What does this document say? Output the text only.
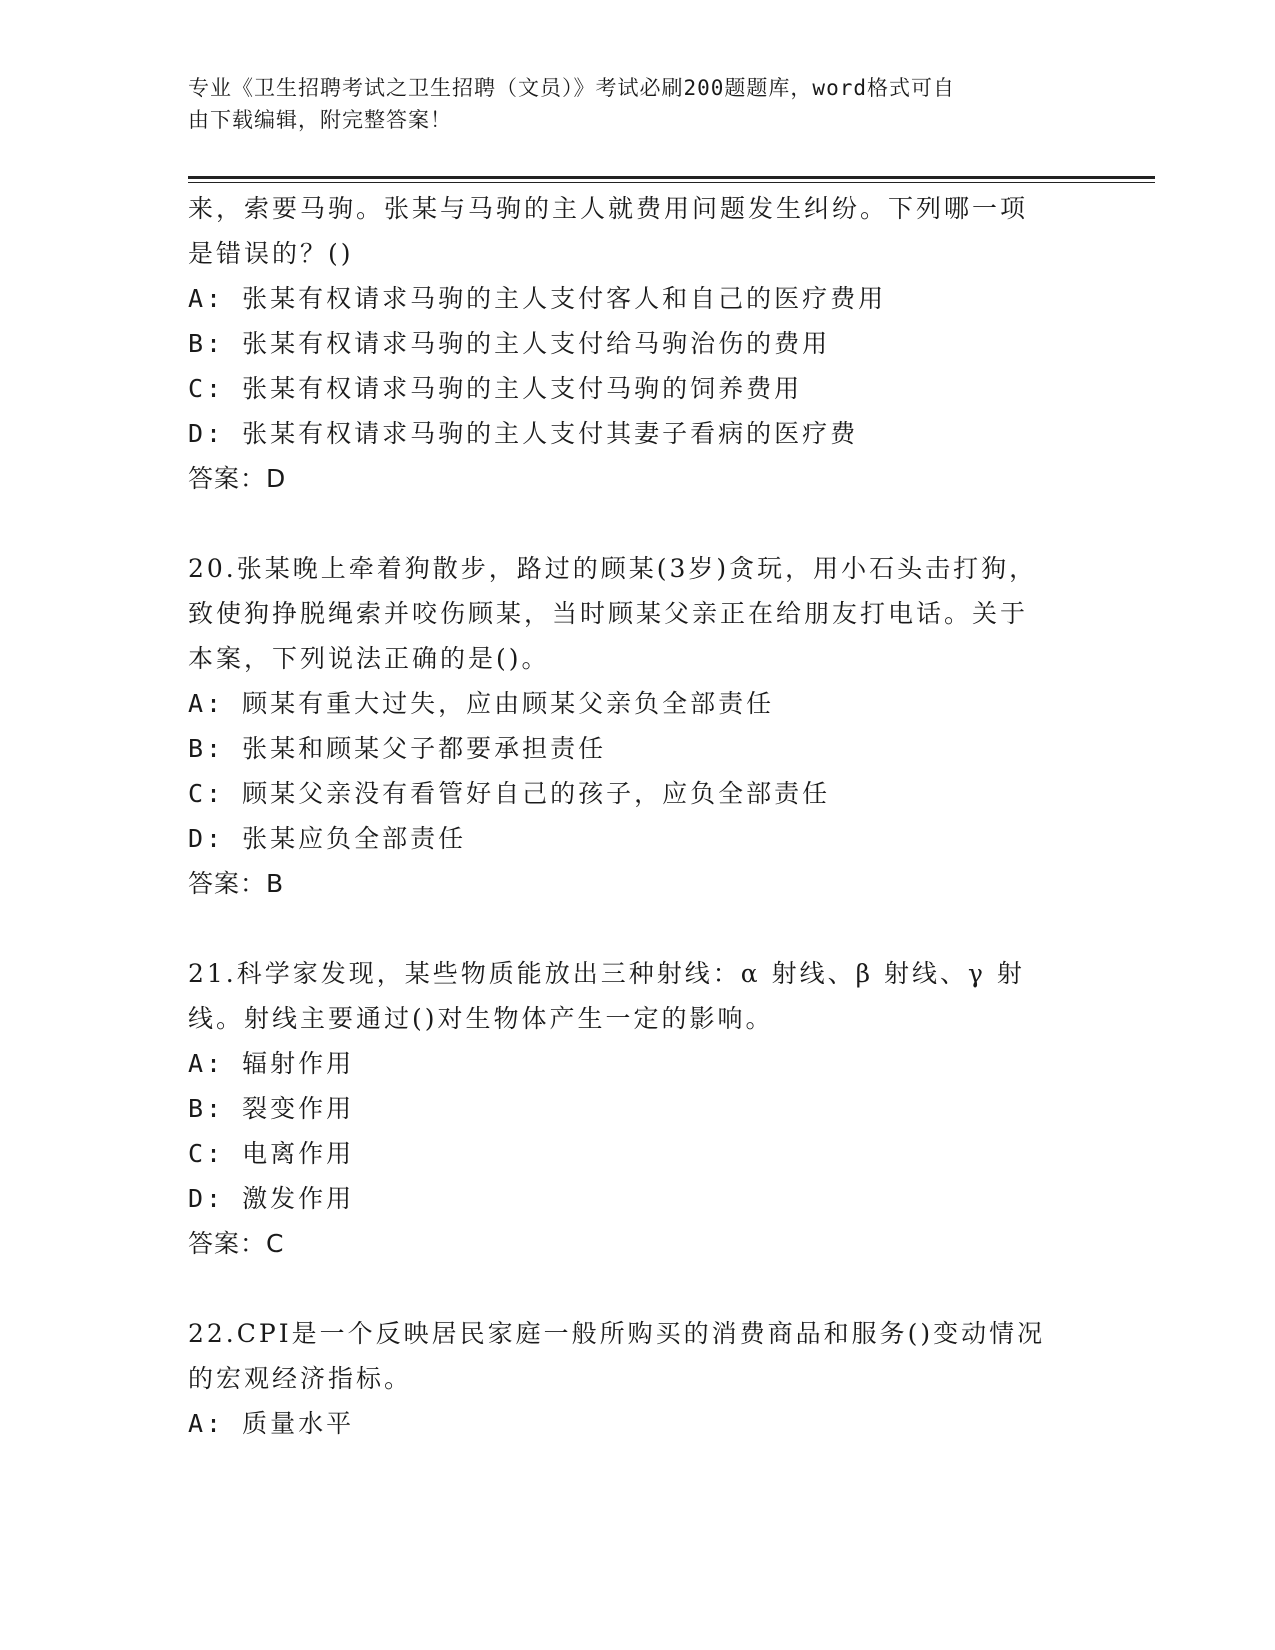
专业《卫生招聘考试之卫生招聘（文员）》考试必刷200题题库，word格式可自
由下载编辑，附完整答案！

来，索要马驹。张某与马驹的主人就费用问题发生纠纷。下列哪一项

是错误的？()

A: 张某有权请求马驹的主人支付客人和自己的医疗费用

B: 张某有权请求马驹的主人支付给马驹治伤的费用

C: 张某有权请求马驹的主人支付马驹的饲养费用

D: 张某有权请求马驹的主人支付其妻子看病的医疗费

答案：D

20.张某晚上牵着狗散步，路过的顾某(3岁)贪玩，用小石头击打狗，

致使狗挣脱绳索并咬伤顾某，当时顾某父亲正在给朋友打电话。关于

本案，下列说法正确的是()。

A: 顾某有重大过失，应由顾某父亲负全部责任

B: 张某和顾某父子都要承担责任

C: 顾某父亲没有看管好自己的孩子，应负全部责任

D: 张某应负全部责任

答案：B

21.科学家发现，某些物质能放出三种射线：α 射线、β 射线、γ 射

线。射线主要通过()对生物体产生一定的影响。

A: 辐射作用

B: 裂变作用

C: 电离作用

D: 激发作用

答案：C

22.CPI是一个反映居民家庭一般所购买的消费商品和服务()变动情况

的宏观经济指标。

A: 质量水平
